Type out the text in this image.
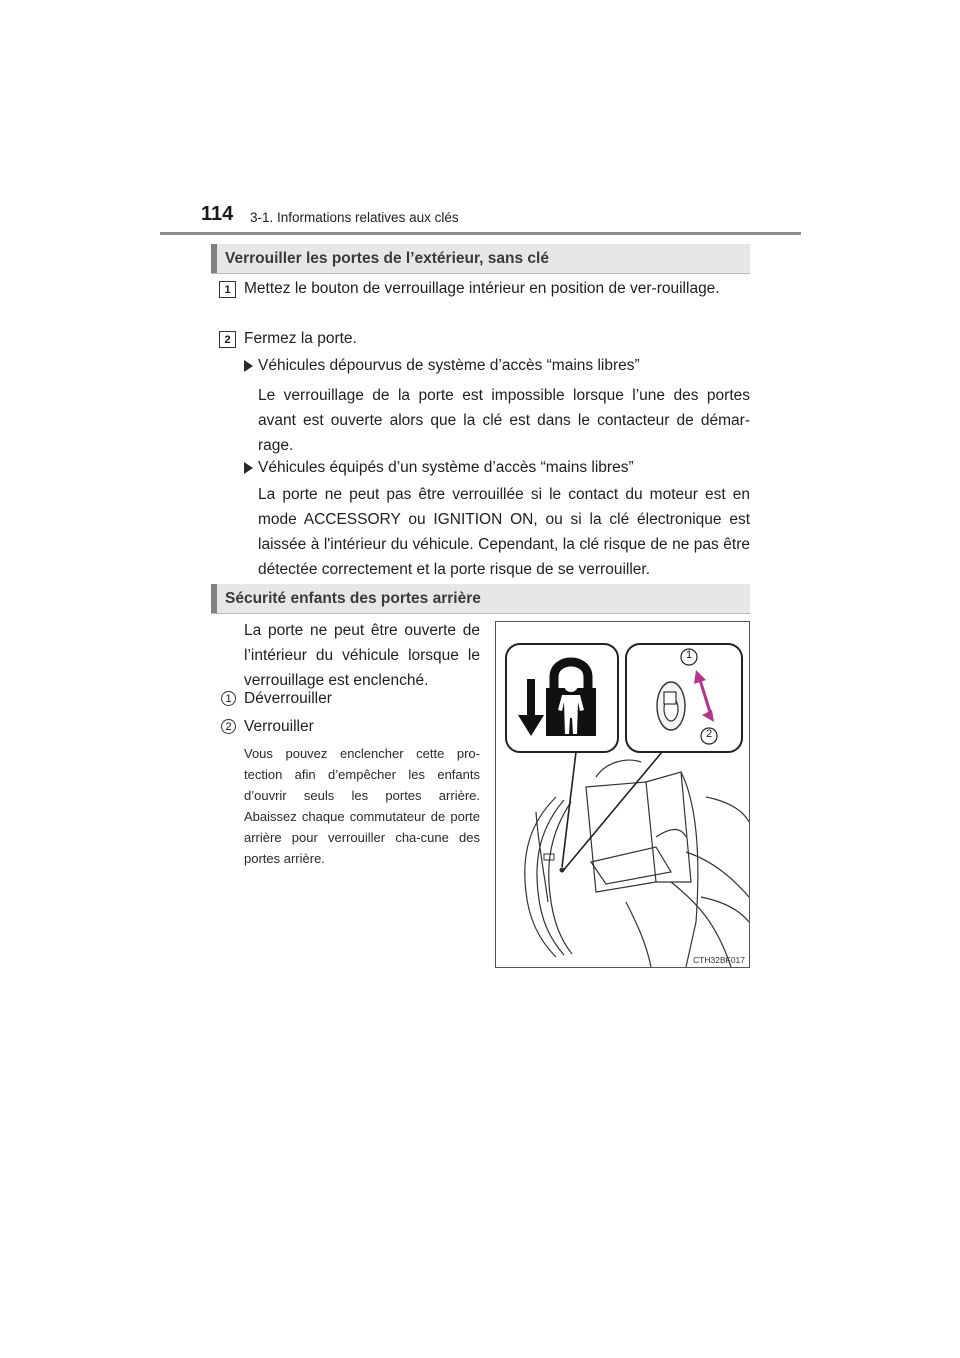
114 3-1. Informations relatives aux clés
Verrouiller les portes de l’extérieur, sans clé
1 Mettez le bouton de verrouillage intérieur en position de ver-rouillage.
2 Fermez la porte.
Véhicules dépourvus de système d’accès “mains libres”
Le verrouillage de la porte est impossible lorsque l’une des portes avant est ouverte alors que la clé est dans le contacteur de démar-rage.
Véhicules équipés d’un système d’accès “mains libres”
La porte ne peut pas être verrouillée si le contact du moteur est en mode ACCESSORY ou IGNITION ON, ou si la clé électronique est laissée à l'intérieur du véhicule. Cependant, la clé risque de ne pas être détectée correctement et la porte risque de se verrouiller.
Sécurité enfants des portes arrière
La porte ne peut être ouverte de l’intérieur du véhicule lorsque le verrouillage est enclenché.
1 Déverrouiller
2 Verrouiller
Vous pouvez enclencher cette pro-tection afin d’empêcher les enfants d’ouvrir seuls les portes arrière. Abaissez chaque commutateur de porte arrière pour verrouiller cha-cune des portes arrière.
1
2
CTH32BF017
